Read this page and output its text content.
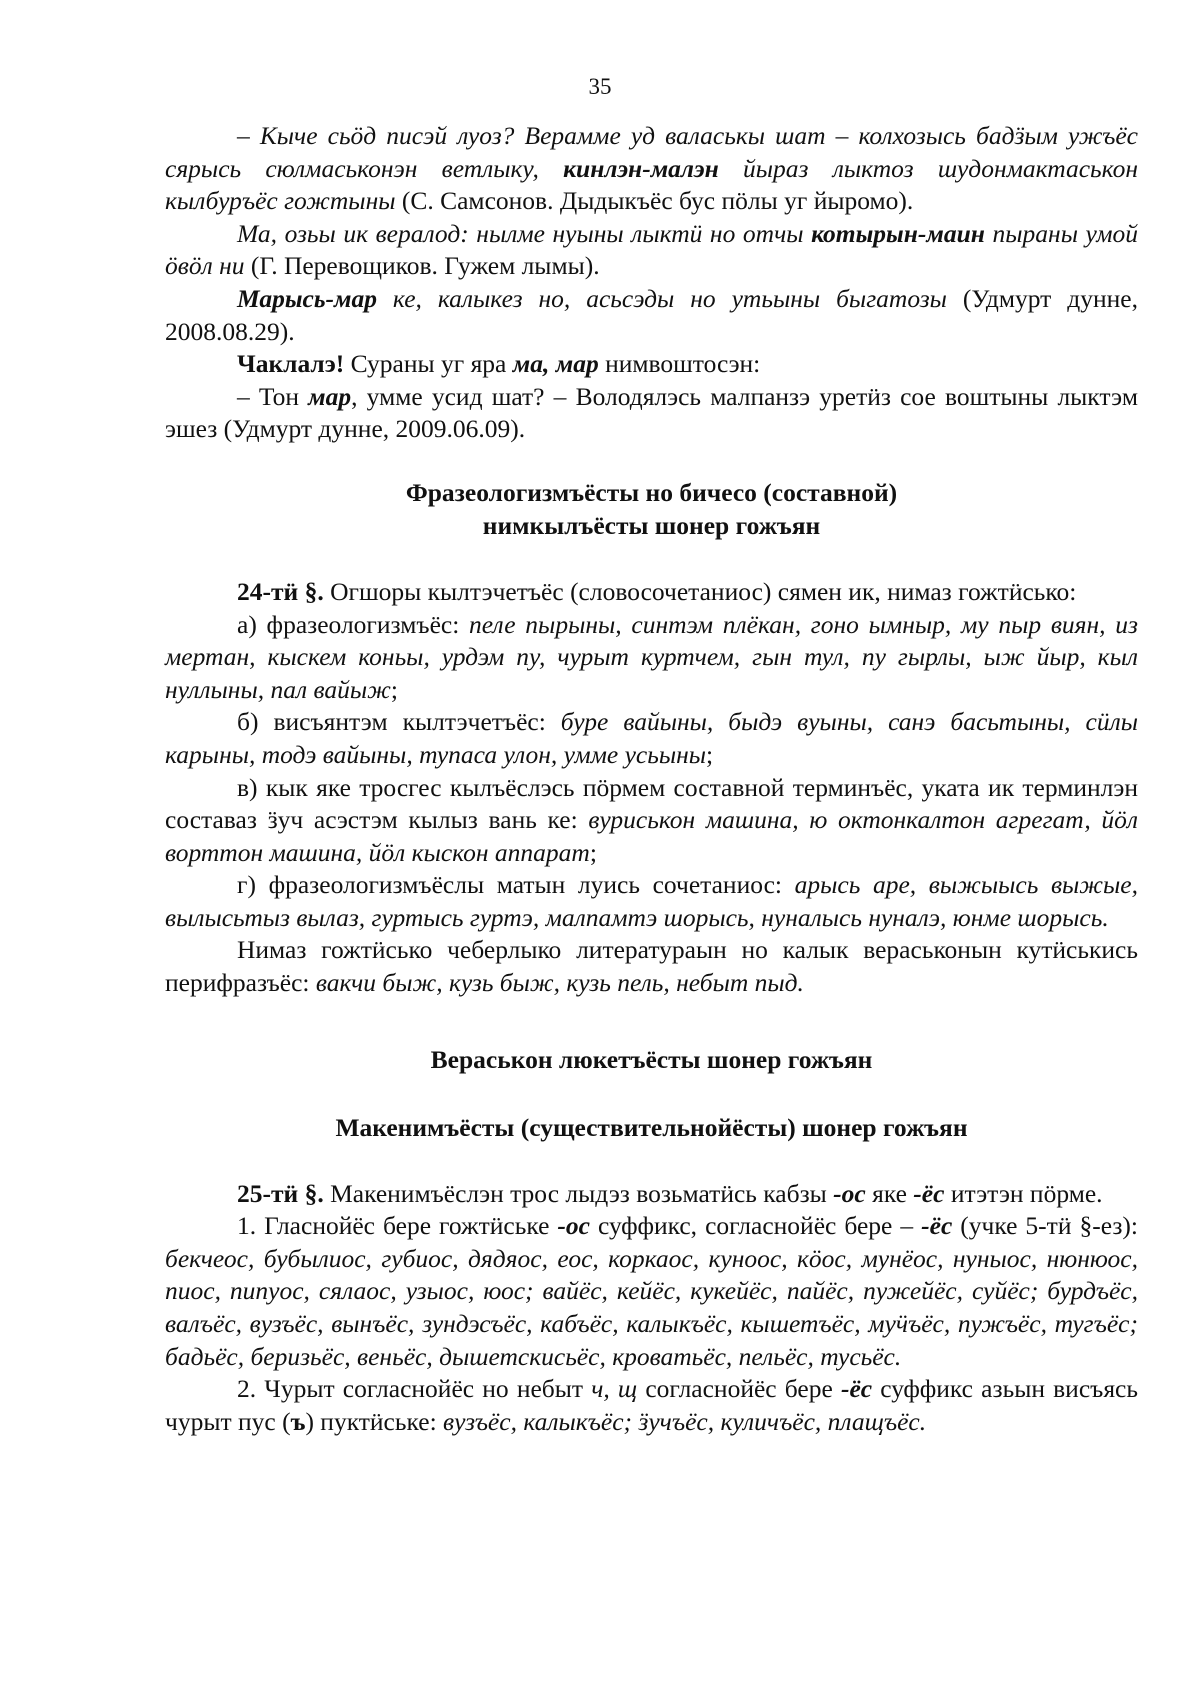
35

– Кыче сьӧд писэй луоз? Верамме уд валаськы шат – колхозысь бадӟым ужъёс сярысь сюлмаськонэн ветлыку, кинлэн-малэн йыраз лыктоз шудонмактаськон кылбуръёс гожтыны (С. Самсонов. Дыдыкъёс бус пӧлы уг йыромо).

Ма, озьы ик вералод: нылме нуыны лыктӥ но отчы котырын-маин пыраны умой ӧвӧл ни (Г. Перевощиков. Гужем лымы).

Марысь-мар ке, калыкез но, асьсэды но утьыны быгатозы (Удмурт дунне, 2008.08.29).

Чаклалэ! Сураны уг яра ма, мар нимвоштосэн:

– Тон мар, умме усид шат? – Володялэсь малпанзэ уретӥз сое воштыны лыктэм эшез (Удмурт дунне, 2009.06.09).

Фразеологизмъёсты но бичесо (составной)
нимкылъёсты шонер гожъян

24-тӥ §. Огшоры кылтэчетъёс (словосочетаниос) сямен ик, нимаз гожтӥсько:

а) фразеологизмъёс: пеле пырыны, синтэм плёкан, гоно ымныр, му пыр виян, из мертан, кыскем коньы, урдэм пу, чурыт куртчем, гын тул, пу гырлы, ыж йыр, кыл нуллыны, пал вайыж;

б) висъянтэм кылтэчетъёс: буре вайыны, быдэ вуыны, санэ басьтыны, сӥлы карыны, тодэ вайыны, тупаса улон, умме усьыны;

в) кык яке тросгес кылъёслэсь пӧрмем составной терминъёс, уката ик терминлэн составаз ӟуч асэстэм кылыз вань ке: вуриськон машина, ю октонкалтон агрегат, йӧл ворттон машина, йӧл кыскон аппарат;

г) фразеологизмъёслы матын луись сочетаниос: арысь аре, выжыысь выжые, вылысьтыз вылаз, гуртысь гуртэ, малпамтэ шорысь, нуналысь нуналэ, юнме шорысь.

Нимаз гожтӥсько чеберлыко литератураын но калык вераськонын кутӥськись перифразъёс: вакчи быж, кузь быж, кузь пель, небыт пыд.

Вераськон люкетъёсты шонер гожъян
Макенимъёсты (существительнойёсты) шонер гожъян

25-тӥ §. Макенимъёслэн трос лыдэз возьматӥсь кабзы -ос яке -ёс итэтэн пӧрме.

1. Гласнойёс бере гожтӥське -ос суффикс, согласнойёс бере – -ёс (учке 5-тӥ §-ез): бекчеос, бубылиос, губиос, дядяос, еос, коркаос, куноос, кӧос, мунёос, нуныос, нюнюос, пиос, пипуос, сялаос, узыос, юос; вайёс, кейёс, кукейёс, пайёс, пужейёс, суйёс; бурдъёс, валъёс, вузъёс, вынъёс, зундэсъёс, кабъёс, калыкъёс, кышетъёс, муӵъёс, пужъёс, тугъёс; бадьёс, беризьёс, веньёс, дышетскисьёс, кроватьёс, пельёс, тусьёс.

2. Чурыт согласнойёс но небыт ч, щ согласнойёс бере -ёс суффикс азьын висъясь чурыт пус (ъ) пуктӥське: вузъёс, калыкъёс; ӟучъёс, куличъёс, плащъёс.
